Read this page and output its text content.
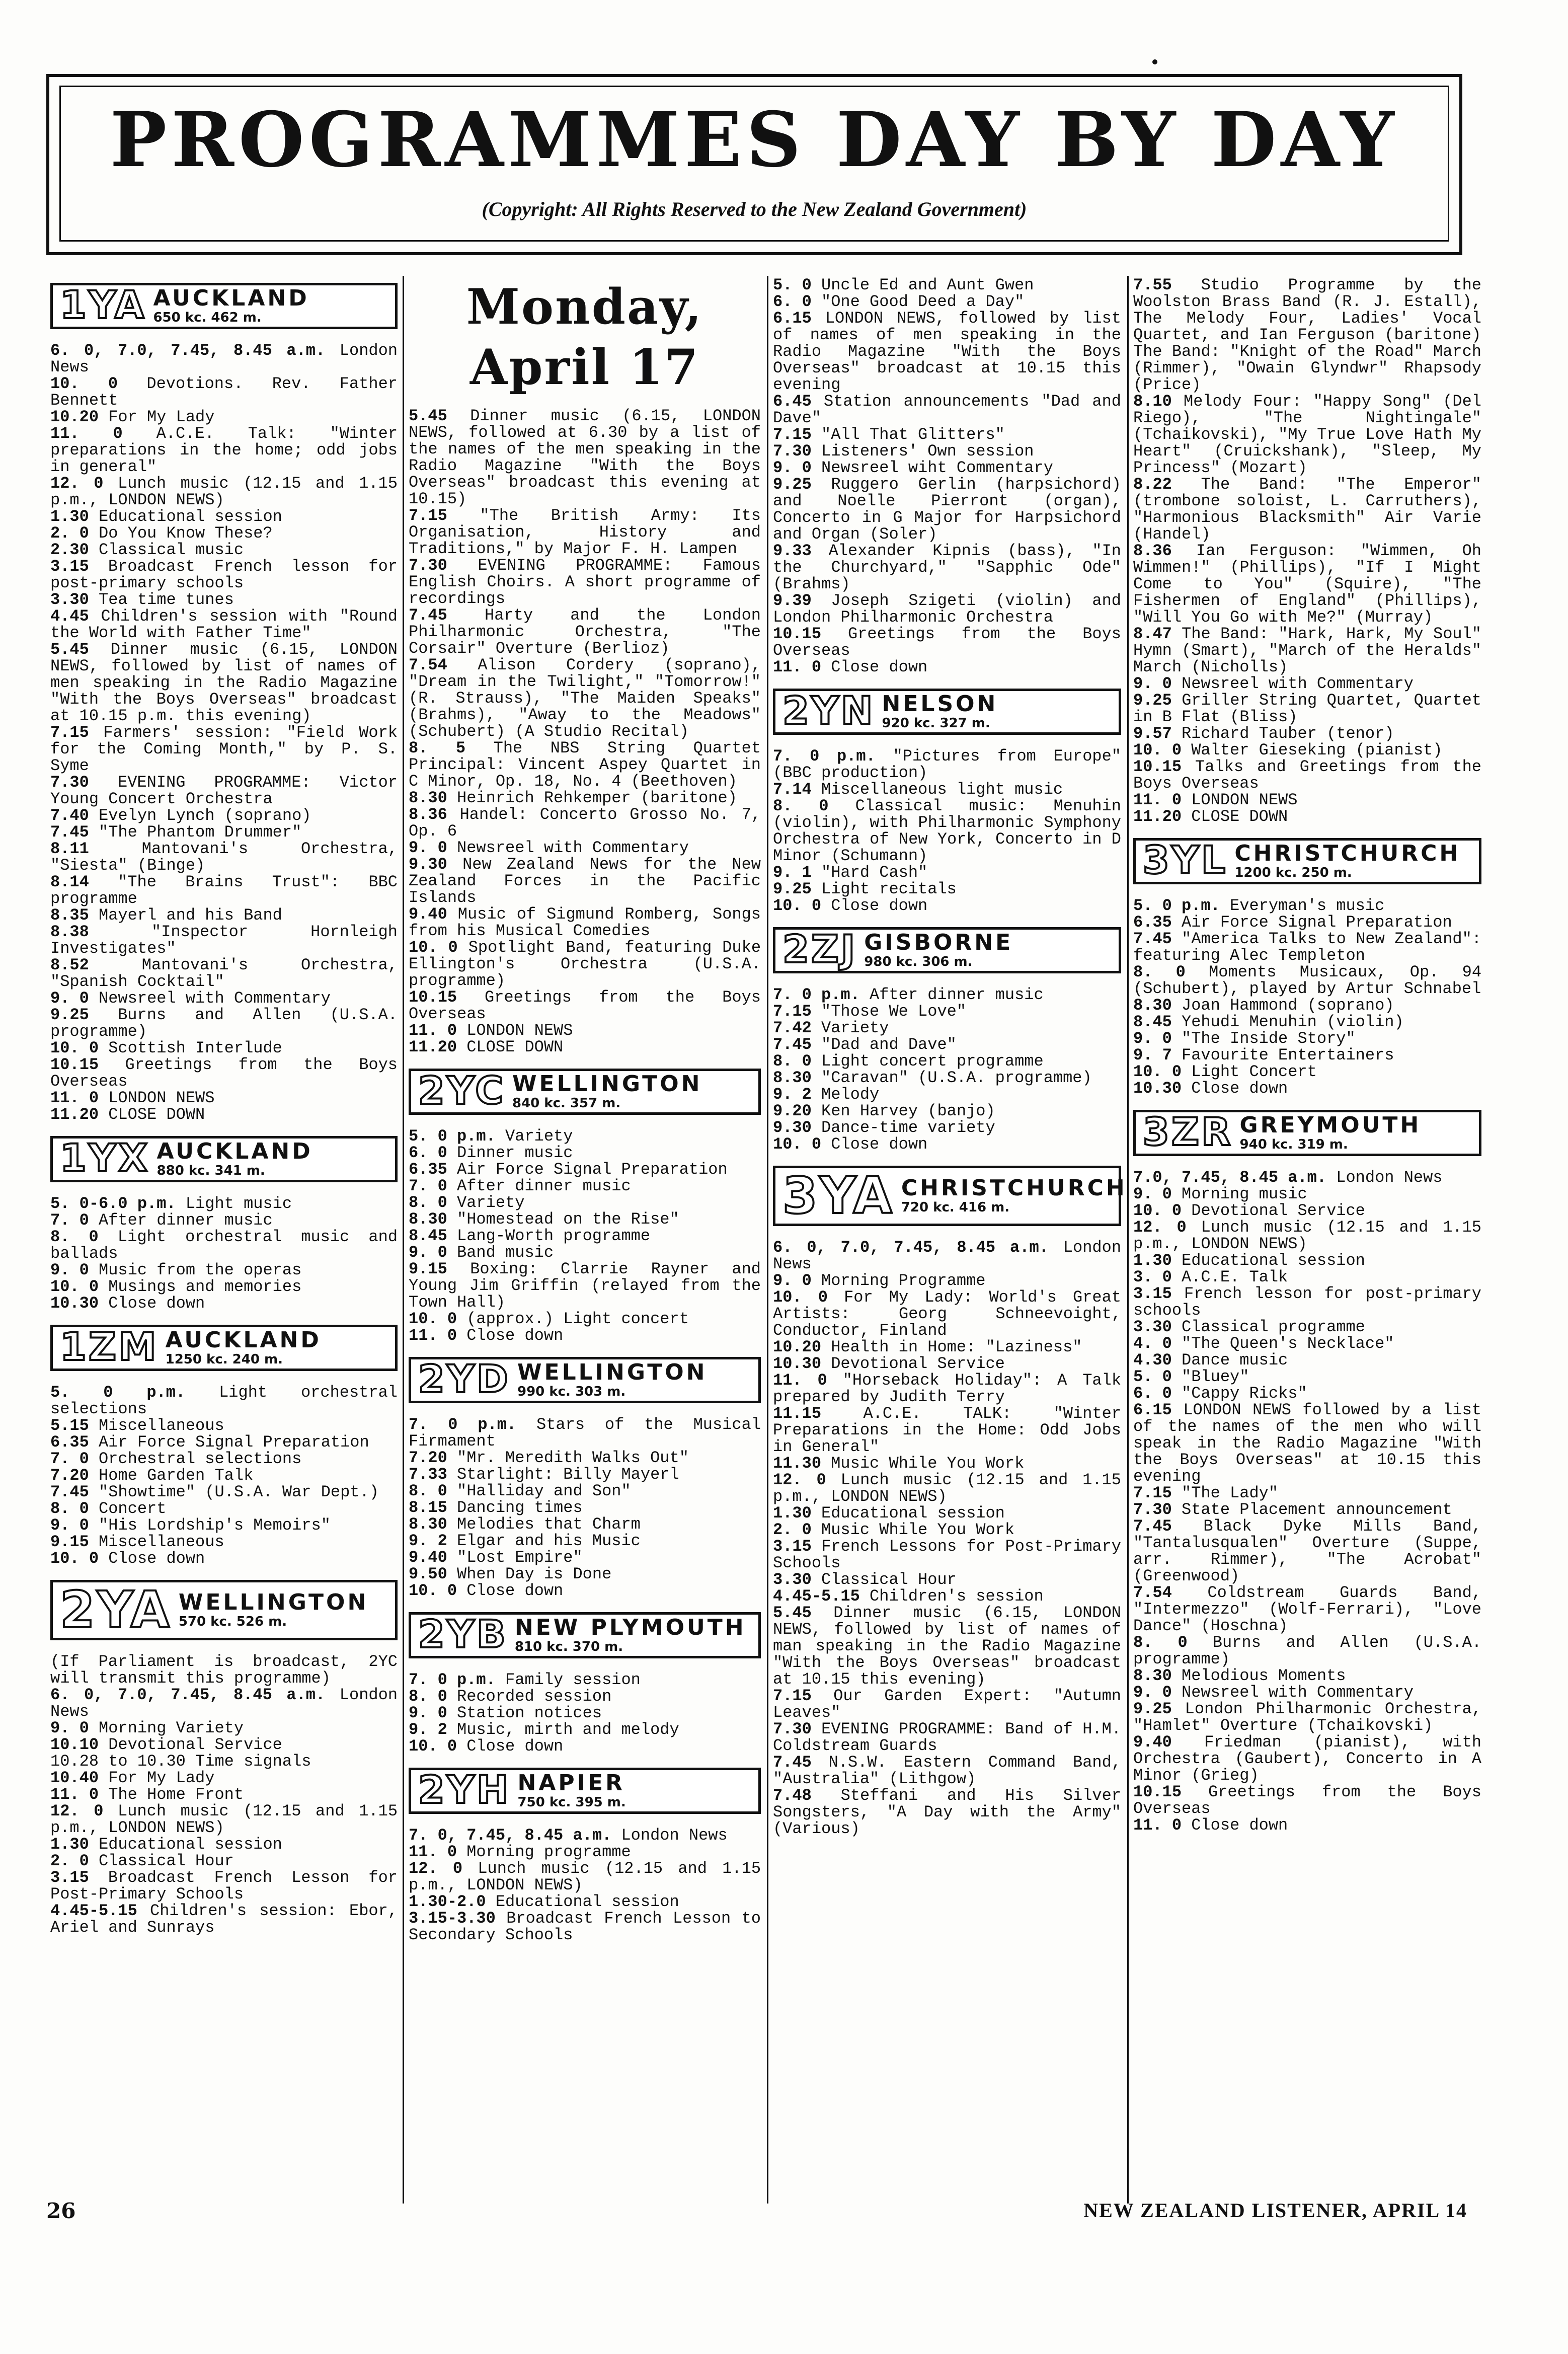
PROGRAMMES DAY BY DAY
(Copyright: All Rights Reserved to the New Zealand Government)
1YA AUCKLAND
650 kc. 462 m.

6. 0, 7.0, 7.45, 8.45 a.m. London News

10. 0 Devotions. Rev. Father Bennett

10.20 For My Lady

11. 0 A.C.E. Talk: "Winter preparations in the home; odd jobs in general"

12. 0 Lunch music (12.15 and 1.15 p.m., LONDON NEWS)

1.30 Educational session

2. 0 Do You Know These?

2.30 Classical music

3.15 Broadcast French lesson for post-primary schools

3.30 Tea time tunes

4.45 Children's session with "Round the World with Father Time"

5.45 Dinner music (6.15, LONDON NEWS, followed by list of names of men speaking in the Radio Magazine "With the Boys Overseas" broadcast at 10.15 p.m. this evening)

7.15 Farmers' session: "Field Work for the Coming Month," by P. S. Syme

7.30 EVENING PROGRAMME: Victor Young Concert Orchestra

7.40 Evelyn Lynch (soprano)

7.45 "The Phantom Drummer"

8.11	Mantovani's Orchestra, "Siesta" (Binge)

8.14 "The Brains Trust": BBC programme

8.35 Mayerl and his Band

8.38	"Inspector Hornleigh Investigates"

8.52	Mantovani's Orchestra, "Spanish Cocktail"

9. 0 Newsreel with Commentary

9.25 Burns and Allen (U.S.A. programme)

10. 0 Scottish Interlude

10.15 Greetings from the Boys Overseas

11. 0 LONDON NEWS

11.20 CLOSE DOWN

1YX AUCKLAND
880 kc. 341 m.

5. 0-6.0 p.m. Light music

7. 0 After dinner music

8. 0 Light orchestral music and ballads

9. 0 Music from the operas

10. 0 Musings and memories

10.30 Close down

1ZM AUCKLAND
1250 kc. 240 m.

5. 0 p.m. Light orchestral selections

5.15 Miscellaneous

6.35 Air Force Signal Preparation

7. 0 Orchestral selections

7.20 Home Garden Talk

7.45 "Showtime" (U.S.A. War Dept.)

8. 0 Concert

9. 0 "His Lordship's Memoirs"

9.15 Miscellaneous

10. 0 Close down

2YA WELLINGTON
570 kc. 526 m.

(If Parliament is broadcast, 2YC will transmit this programme)

6. 0, 7.0, 7.45, 8.45 a.m. London News

9. 0 Morning Variety

10.10 Devotional Service

10.28 to 10.30 Time signals

10.40 For My Lady

11. 0 The Home Front

12. 0 Lunch music (12.15 and 1.15 p.m., LONDON NEWS)

1.30 Educational session

2. 0 Classical Hour

3.15 Broadcast French Lesson for Post-Primary Schools

4.45-5.15 Children's session: Ebor, Ariel and Sunrays

Monday, April 17

5.45 Dinner music (6.15, LONDON NEWS, followed at 6.30 by a list of the names of the men speaking in the Radio Magazine "With the Boys Overseas" broadcast this evening at 10.15)

7.15 "The British Army: Its Organisation, History and Traditions," by Major F. H. Lampen

7.30 EVENING PROGRAMME: Famous English Choirs. A short programme of recordings

7.45 Harty and the London Philharmonic Orchestra, "The Corsair" Overture (Berlioz)

7.54 Alison Cordery (soprano), "Dream in the Twilight," "Tomorrow!" (R. Strauss), "The Maiden Speaks" (Brahms), "Away to the Meadows" (Schubert) (A Studio Recital)

8. 5 The NBS String Quartet Principal: Vincent Aspey Quartet in C Minor, Op. 18, No. 4 (Beethoven)

8.30 Heinrich Rehkemper (baritone)

8.36 Handel: Concerto Grosso No. 7, Op. 6

9. 0 Newsreel with Commentary

9.30 New Zealand News for the New Zealand Forces in the Pacific Islands

9.40 Music of Sigmund Romberg, Songs from his Musical Comedies

10. 0 Spotlight Band, featuring Duke Ellington's Orchestra (U.S.A. programme)

10.15 Greetings from the Boys Overseas

11. 0 LONDON NEWS

11.20 CLOSE DOWN

2YC WELLINGTON
840 kc. 357 m.

5. 0 p.m. Variety

6. 0 Dinner music

6.35 Air Force Signal Preparation

7. 0 After dinner music

8. 0 Variety

8.30 "Homestead on the Rise"

8.45 Lang-Worth programme

9. 0 Band music

9.15 Boxing: Clarrie Rayner and Young Jim Griffin (relayed from the Town Hall)

10. 0 (approx.) Light concert

11. 0 Close down

2YD WELLINGTON
990 kc. 303 m.

7. 0 p.m. Stars of the Musical Firmament

7.20 "Mr. Meredith Walks Out"

7.33 Starlight: Billy Mayerl

8. 0 "Halliday and Son"

8.15 Dancing times

8.30 Melodies that Charm

9. 2 Elgar and his Music

9.40 "Lost Empire"

9.50 When Day is Done

10. 0 Close down

2YB NEW PLYMOUTH
810 kc. 370 m.

7. 0 p.m. Family session

8. 0 Recorded session

9. 0 Station notices

9. 2 Music, mirth and melody

10. 0 Close down

2YH NAPIER
750 kc. 395 m.

7. 0, 7.45, 8.45 a.m. London News

11. 0 Morning programme

12. 0 Lunch music (12.15 and 1.15 p.m., LONDON NEWS)

1.30-2.0 Educational session

3.15-3.30 Broadcast French Lesson to Secondary Schools

5. 0 Uncle Ed and Aunt Gwen

6. 0 "One Good Deed a Day"

6.15 LONDON NEWS, followed by list of names of men speaking in the Radio Magazine "With the Boys Overseas" broadcast at 10.15 this evening

6.45 Station announcements "Dad and Dave"

7.15 "All That Glitters"

7.30 Listeners' Own session

9. 0 Newsreel wiht Commentary

9.25 Ruggero Gerlin (harpsichord) and Noelle Pierront (organ), Concerto in G Major for Harpsichord and Organ (Soler)

9.33 Alexander Kipnis (bass), "In the Churchyard," "Sapphic Ode" (Brahms)

9.39 Joseph Szigeti (violin) and London Philharmonic Orchestra

10.15 Greetings from the Boys Overseas

11. 0 Close down

2YN NELSON
920 kc. 327 m.

7. 0 p.m. "Pictures from Europe" (BBC production)

7.14 Miscellaneous light music

8. 0 Classical music: Menuhin (violin), with Philharmonic Symphony Orchestra of New York, Concerto in D Minor (Schumann)

9. 1 "Hard Cash"

9.25 Light recitals

10. 0 Close down

2ZJ GISBORNE
980 kc. 306 m.

7. 0 p.m. After dinner music

7.15 "Those We Love"

7.42 Variety

7.45 "Dad and Dave"

8. 0 Light concert programme

8.30 "Caravan" (U.S.A. programme)

9. 2 Melody

9.20 Ken Harvey (banjo)

9.30 Dance-time variety

10. 0 Close down

3YA CHRISTCHURCH
720 kc. 416 m.

6. 0, 7.0, 7.45, 8.45 a.m. London News

9. 0 Morning Programme

10. 0 For My Lady: World's Great Artists: Georg Schneevoight, Conductor, Finland

10.20 Health in Home: "Laziness"

10.30 Devotional Service

11. 0 "Horseback Holiday": A Talk prepared by Judith Terry

11.15	A.C.E. TALK: "Winter Preparations in the Home: Odd Jobs in General"

11.30 Music While You Work

12. 0 Lunch music (12.15 and 1.15 p.m., LONDON NEWS)

1.30 Educational session

2. 0 Music While You Work

3.15 French Lessons for Post-Primary Schools

3.30 Classical Hour

4.45-5.15 Children's session

5.45 Dinner music (6.15, LONDON NEWS, followed by list of names of man speaking in the Radio Magazine "With the Boys Overseas" broadcast at 10.15 this evening)

7.15 Our Garden Expert: "Autumn Leaves"

7.30 EVENING PROGRAMME: Band of H.M. Coldstream Guards

7.45 N.S.W. Eastern Command Band, "Australia" (Lithgow)

7.48 Steffani and His Silver Songsters, "A Day with the Army" (Various)

7.55 Studio Programme by the Woolston Brass Band (R. J. Estall), The Melody Four, Ladies' Vocal Quartet, and Ian Ferguson (baritone)

The Band: "Knight of the Road" March (Rimmer), "Owain Glyndwr" Rhapsody (Price)

8.10 Melody Four: "Happy Song" (Del Riego), "The Nightingale" (Tchaikovski), "My True Love Hath My Heart" (Cruickshank), "Sleep, My Princess" (Mozart)

8.22 The Band: "The Emperor" (trombone soloist, L. Carruthers), "Harmonious Blacksmith" Air Varie (Handel)

8.36 Ian Ferguson: "Wimmen, Oh Wimmen!" (Phillips), "If I Might Come to You" (Squire), "The Fishermen of England" (Phillips), "Will You Go with Me?" (Murray)

8.47 The Band: "Hark, Hark, My Soul" Hymn (Smart), "March of the Heralds" March (Nicholls)

9. 0 Newsreel with Commentary

9.25 Griller String Quartet, Quartet in B Flat (Bliss)

9.57 Richard Tauber (tenor)

10. 0 Walter Gieseking (pianist)

10.15 Talks and Greetings from the Boys Overseas

11. 0 LONDON NEWS

11.20 CLOSE DOWN

3YL CHRISTCHURCH
1200 kc. 250 m.

5. 0 p.m. Everyman's music

6.35 Air Force Signal Preparation

7.45 "America Talks to New Zealand": featuring Alec Templeton

8. 0 Moments Musicaux, Op. 94 (Schubert), played by Artur Schnabel

8.30 Joan Hammond (soprano)

8.45 Yehudi Menuhin (violin)

9. 0 "The Inside Story"

9. 7 Favourite Entertainers

10. 0 Light Concert

10.30 Close down

3ZR GREYMOUTH
940 kc. 319 m.

7.0, 7.45, 8.45 a.m. London News

9. 0 Morning music

10. 0 Devotional Service

12. 0 Lunch music (12.15 and 1.15 p.m., LONDON NEWS)

1.30 Educational session

3. 0 A.C.E. Talk

3.15 French lesson for post-primary schools

3.30 Classical programme

4. 0 "The Queen's Necklace"

4.30 Dance music

5. 0 "Bluey"

6. 0 "Cappy Ricks"

6.15 LONDON NEWS followed by a list of the names of the men who will speak in the Radio Magazine "With the Boys Overseas" at 10.15 this evening

7.15 "The Lady"

7.30 State Placement announcement

7.45 Black Dyke Mills Band, "Tantalusqualen" Overture (Suppe, arr. Rimmer), "The Acrobat" (Greenwood)

7.54 Coldstream Guards Band, "Intermezzo" (Wolf-Ferrari), "Love Dance" (Hoschna)

8. 0 Burns and Allen (U.S.A. programme)

8.30 Melodious Moments

9. 0 Newsreel with Commentary

9.25 London Philharmonic Orchestra, "Hamlet" Overture (Tchaikovski)

9.40 Friedman (pianist), with Orchestra (Gaubert), Concerto in A Minor (Grieg)

10.15 Greetings from the Boys Overseas

11. 0 Close down

26	NEW ZEALAND LISTENER, APRIL 14
